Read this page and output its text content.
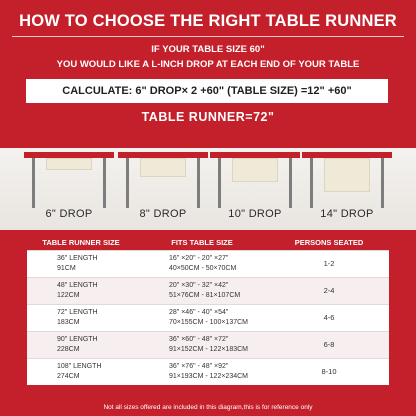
HOW TO CHOOSE THE RIGHT TABLE RUNNER
IF YOUR TABLE SIZE 60"
YOU WOULD LIKE A L-INCH DROP AT EACH END OF YOUR TABLE
CALCULATE: 6" DROP× 2 +60" (TABLE SIZE) =12" +60"
TABLE RUNNER=72"
6" DROP	8" DROP	10" DROP	14" DROP
TABLE RUNNER SIZE	FITS TABLE SIZE	PERSONS SEATED
36" LENGTH
91CM
16" ×20" - 20" ×27"
40×50CM - 50×70CM
1-2
48" LENGTH
122CM
20" ×30" - 32" ×42"
51×76CM - 81×107CM
2-4
72" LENGTH
183CM
28" ×46" - 40" ×54"
70×155CM - 100×137CM
4-6
90" LENGTH
228CM
36" ×60" - 48" ×72"
91×152CM - 122×183CM
6-8
108" LENGTH
274CM
36" ×76" - 48" ×92"
91×193CM - 122×234CM
8-10
Not all sizes offered are included in this diagram,this is for reference only
